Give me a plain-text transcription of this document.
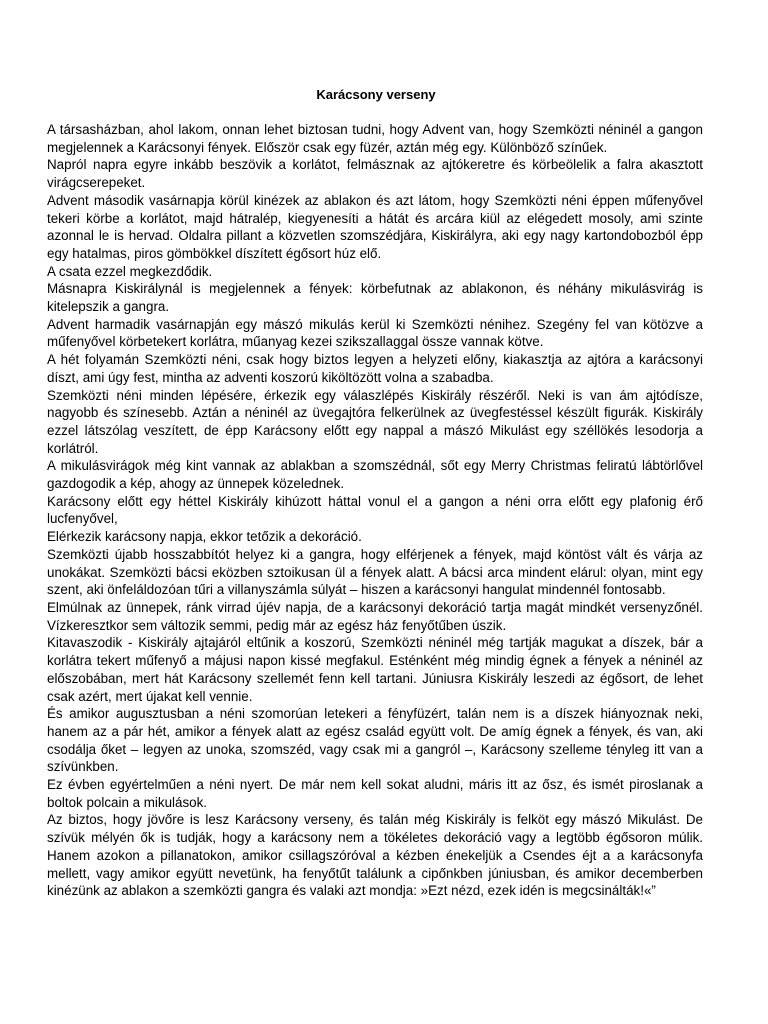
Karácsony verseny

A társasházban, ahol lakom, onnan lehet biztosan tudni, hogy Advent van, hogy Szemközti néninél a gangon megjelennek a Karácsonyi fények. Először csak egy füzér, aztán még egy. Különböző színűek.

Napról napra egyre inkább beszövik a korlátot, felmásznak az ajtókeretre és körbeölelik a falra akasztott virágcserepeket.

Advent második vasárnapja körül kinézek az ablakon és azt látom, hogy Szemközti néni éppen műfenyővel tekeri körbe a korlátot, majd hátralép, kiegyenesíti a hátát és arcára kiül az elégedett mosoly, ami szinte azonnal le is hervad. Oldalra pillant a közvetlen szomszédjára, Kiskirályra, aki egy nagy kartondobozból épp egy hatalmas, piros gömbökkel díszített égősort húz elő.

A csata ezzel megkezdődik.

Másnapra Kiskirálynál is megjelennek a fények: körbefutnak az ablakonon, és néhány mikulásvirág is kitelepszik a gangra.

Advent harmadik vasárnapján egy mászó mikulás kerül ki Szemközti nénihez. Szegény fel van kötözve a műfenyővel körbetekert korlátra, műanyag kezei szikszallaggal össze vannak kötve.

A hét folyamán Szemközti néni, csak hogy biztos legyen a helyzeti előny, kiakasztja az ajtóra a karácsonyi díszt, ami úgy fest, mintha az adventi koszorú kiköltözött volna a szabadba.

Szemközti néni minden lépésére, érkezik egy válaszlépés Kiskirály részéről. Neki is van ám ajtódísze, nagyobb és színesebb. Aztán a néninél az üvegajtóra felkerülnek az üvegfestéssel készült figurák. Kiskirály ezzel látszólag veszített, de épp Karácsony előtt egy nappal a mászó Mikulást egy széllökés lesodorja a korlátról.

A mikulásvirágok még kint vannak az ablakban a szomszédnál, sőt egy Merry Christmas feliratú lábtörlővel gazdogodik a kép, ahogy az ünnepek közelednek.

Karácsony előtt egy héttel Kiskirály kihúzott háttal vonul el a gangon a néni orra előtt egy plafonig érő lucfenyővel,

Elérkezik karácsony napja, ekkor tetőzik a dekoráció.

Szemközti újabb hosszabbítót helyez ki a gangra, hogy elférjenek a fények, majd köntöst vált és várja az unokákat. Szemközti bácsi eközben sztoikusan ül a fények alatt. A bácsi arca mindent elárul: olyan, mint egy szent, aki önfeláldozóan tűri a villanyszámla súlyát – hiszen a karácsonyi hangulat mindennél fontosabb.

Elmúlnak az ünnepek, ránk virrad újév napja, de a karácsonyi dekoráció tartja magát mindkét versenyzőnél. Vízkeresztkor sem változik semmi, pedig már az egész ház fenyőtűben úszik.

Kitavaszodik - Kiskirály ajtajáról eltűnik a koszorú, Szemközti néninél még tartják magukat a díszek, bár a korlátra tekert műfenyő a májusi napon kissé megfakul. Esténként még mindig égnek a fények a néninél az előszobában, mert hát Karácsony szellemét fenn kell tartani. Júniusra Kiskirály leszedi az égősort, de lehet csak azért, mert újakat kell vennie.

És amikor augusztusban a néni szomorúan letekeri a fényfüzért, talán nem is a díszek hiányoznak neki, hanem az a pár hét, amikor a fények alatt az egész család együtt volt. De amíg égnek a fények, és van, aki csodálja őket – legyen az unoka, szomszéd, vagy csak mi a gangról –, Karácsony szelleme tényleg itt van a szívünkben.

Ez évben egyértelműen a néni nyert. De már nem kell sokat aludni, máris itt az ősz, és ismét piroslanak a boltok polcain a mikulások.

Az biztos, hogy jövőre is lesz Karácsony verseny, és talán még Kiskirály is felköt egy mászó Mikulást. De szívük mélyén ők is tudják, hogy a karácsony nem a tökéletes dekoráció vagy a legtöbb égősoron múlik. Hanem azokon a pillanatokon, amikor csillagszóróval a kézben énekeljük a Csendes éjt a a karácsonyfa mellett, vagy amikor együtt nevetünk, ha fenyőtűt találunk a cipőnkben júniusban, és amikor decemberben kinézünk az ablakon a szemközti gangra és valaki azt mondja: »Ezt nézd, ezek idén is megcsinálták!«”
